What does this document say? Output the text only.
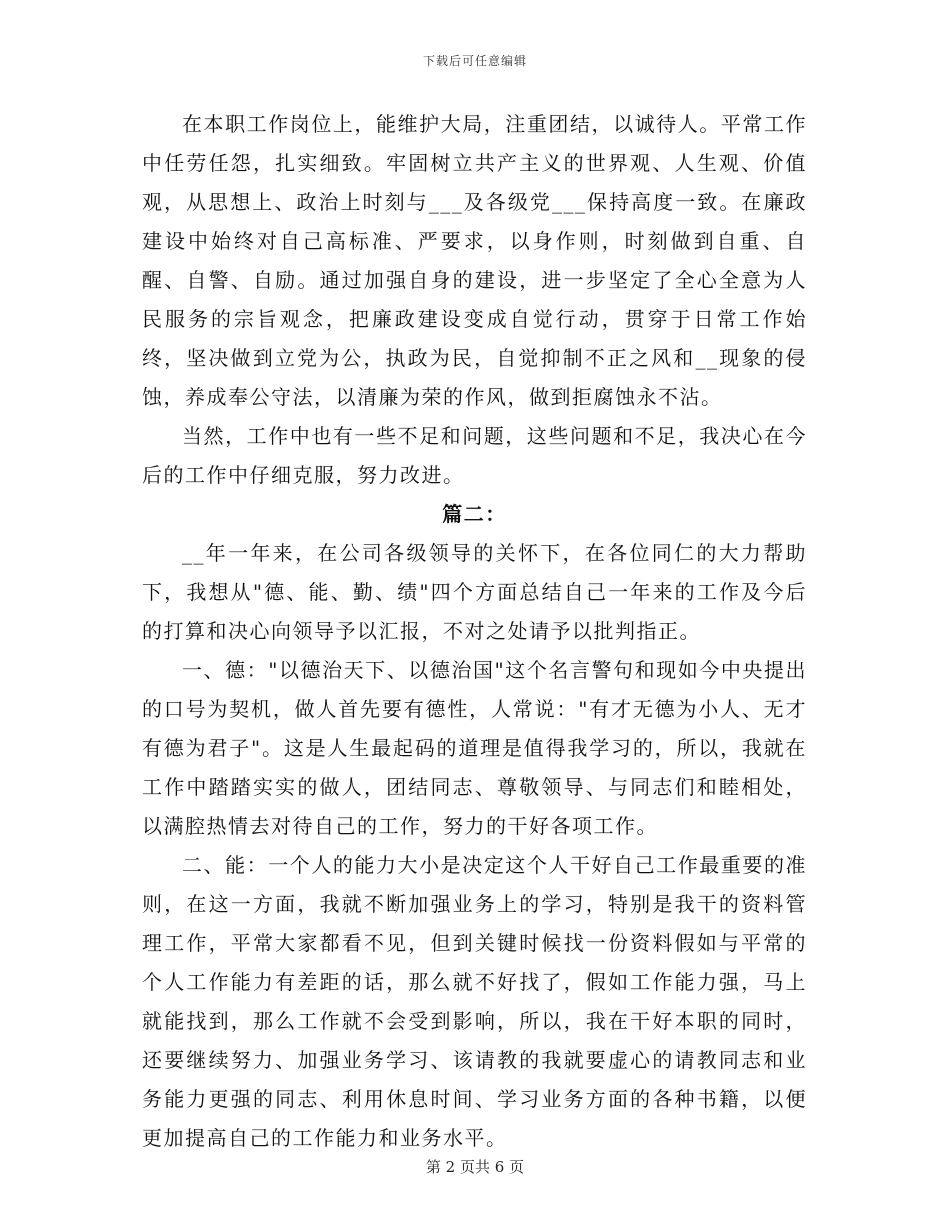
下载后可任意编辑

在本职工作岗位上，能维护大局，注重团结，以诚待人。平常工作中任劳任怨，扎实细致。牢固树立共产主义的世界观、人生观、价值观，从思想上、政治上时刻与___及各级党___保持高度一致。在廉政建设中始终对自己高标准、严要求，以身作则，时刻做到自重、自醒、自警、自励。通过加强自身的建设，进一步坚定了全心全意为人民服务的宗旨观念，把廉政建设变成自觉行动，贯穿于日常工作始终，坚决做到立党为公，执政为民，自觉抑制不正之风和__现象的侵蚀，养成奉公守法，以清廉为荣的作风，做到拒腐蚀永不沾。

当然，工作中也有一些不足和问题，这些问题和不足，我决心在今后的工作中仔细克服，努力改进。

篇二：

__年一年来，在公司各级领导的关怀下，在各位同仁的大力帮助下，我想从"德、能、勤、绩"四个方面总结自己一年来的工作及今后的打算和决心向领导予以汇报，不对之处请予以批判指正。

一、德："以德治天下、以德治国"这个名言警句和现如今中央提出的口号为契机，做人首先要有德性，人常说："有才无德为小人、无才有德为君子"。这是人生最起码的道理是值得我学习的，所以，我就在工作中踏踏实实的做人，团结同志、尊敬领导、与同志们和睦相处，以满腔热情去对待自己的工作，努力的干好各项工作。

二、能：一个人的能力大小是决定这个人干好自己工作最重要的准则，在这一方面，我就不断加强业务上的学习，特别是我干的资料管理工作，平常大家都看不见，但到关键时候找一份资料假如与平常的个人工作能力有差距的话，那么就不好找了，假如工作能力强，马上就能找到，那么工作就不会受到影响，所以，我在干好本职的同时，还要继续努力、加强业务学习、该请教的我就要虚心的请教同志和业务能力更强的同志、利用休息时间、学习业务方面的各种书籍，以便更加提高自己的工作能力和业务水平。

第 2 页共 6 页
